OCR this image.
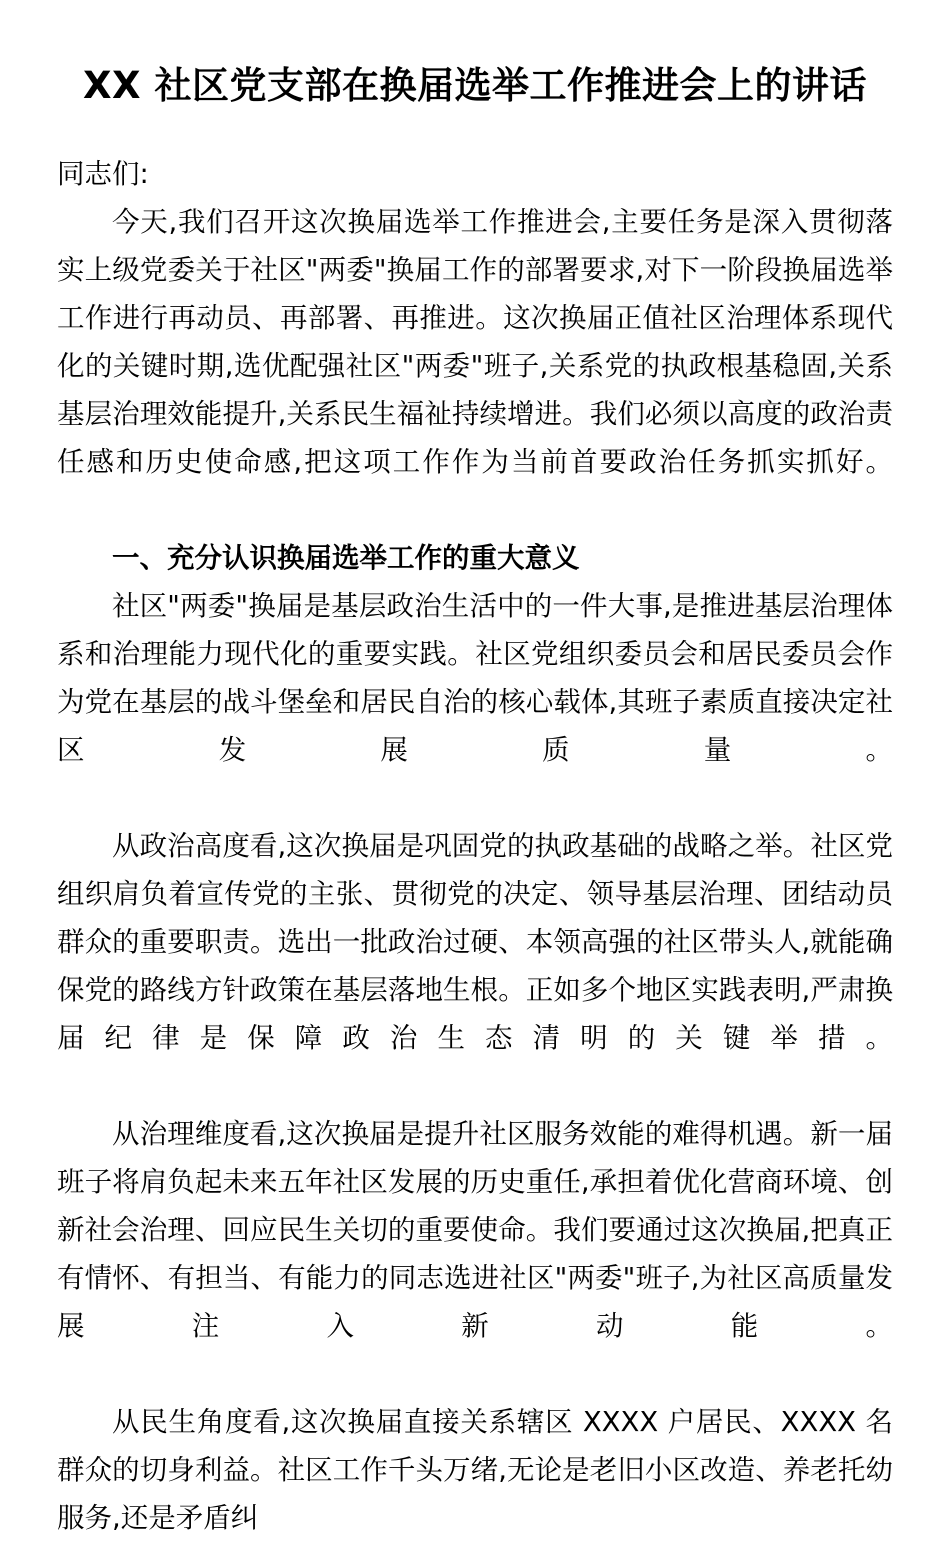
XX 社区党支部在换届选举工作推进会上的讲话

同志们:

今天,我们召开这次换届选举工作推进会,主要任务是深入贯彻落实上级党委关于社区"两委"换届工作的部署要求,对下一阶段换届选举工作进行再动员、再部署、再推进。这次换届正值社区治理体系现代化的关键时期,选优配强社区"两委"班子,关系党的执政根基稳固,关系基层治理效能提升,关系民生福祉持续增进。我们必须以高度的政治责任感和历史使命感,把这项工作作为当前首要政治任务抓实抓好。

一、充分认识换届选举工作的重大意义

社区"两委"换届是基层政治生活中的一件大事,是推进基层治理体系和治理能力现代化的重要实践。社区党组织委员会和居民委员会作为党在基层的战斗堡垒和居民自治的核心载体,其班子素质直接决定社区发展质量。

从政治高度看,这次换届是巩固党的执政基础的战略之举。社区党组织肩负着宣传党的主张、贯彻党的决定、领导基层治理、团结动员群众的重要职责。选出一批政治过硬、本领高强的社区带头人,就能确保党的路线方针政策在基层落地生根。正如多个地区实践表明,严肃换届纪律是保障政治生态清明的关键举措。

从治理维度看,这次换届是提升社区服务效能的难得机遇。新一届班子将肩负起未来五年社区发展的历史重任,承担着优化营商环境、创新社会治理、回应民生关切的重要使命。我们要通过这次换届,把真正有情怀、有担当、有能力的同志选进社区"两委"班子,为社区高质量发展注入新动能。

从民生角度看,这次换届直接关系辖区 XXXX 户居民、XXXX 名群众的切身利益。社区工作千头万绪,无论是老旧小区改造、养老托幼服务,还是矛盾纠
